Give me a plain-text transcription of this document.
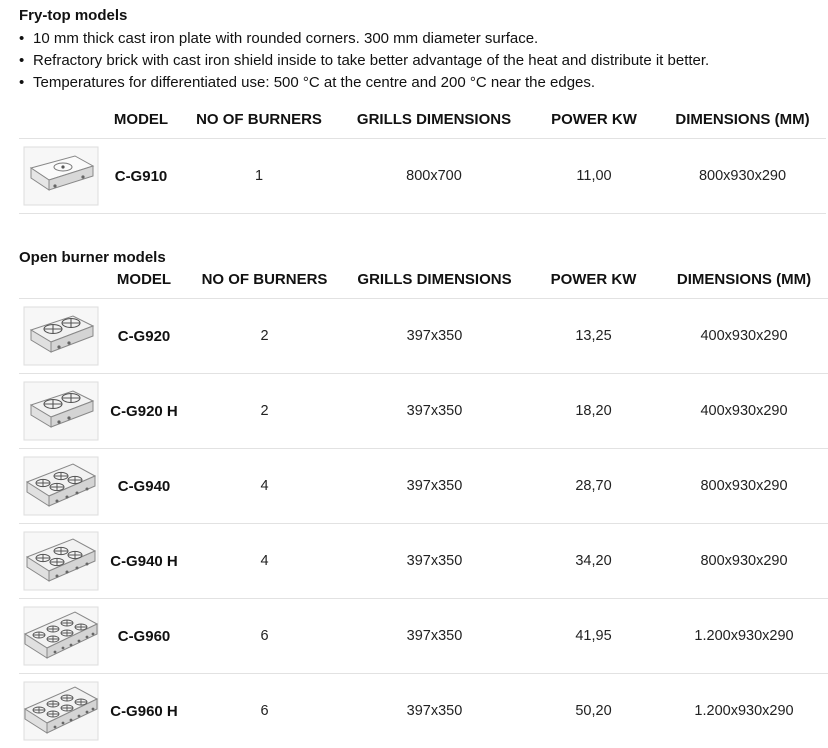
Fry-top models
• 10 mm thick cast iron plate with rounded corners. 300 mm diameter surface.
• Refractory brick with cast iron shield inside to take better advantage of the heat and distribute it better.
• Temperatures for differentiated use: 500 °C at the centre and 200 °C near the edges.
	MODEL	NO OF BURNERS	GRILLS DIMENSIONS	POWER KW	DIMENSIONS (MM)

	C-G910	1	800x700	11,00	800x930x290
Open burner models
	MODEL	NO OF BURNERS	GRILLS DIMENSIONS	POWER KW	DIMENSIONS (MM)

	C-G920	2	397x350	13,25	400x930x290

	C-G920 H	2	397x350	18,20	400x930x290

	C-G940	4	397x350	28,70	800x930x290

	C-G940 H	4	397x350	34,20	800x930x290

	C-G960	6	397x350	41,95	1.200x930x290

	C-G960 H	6	397x350	50,20	1.200x930x290
